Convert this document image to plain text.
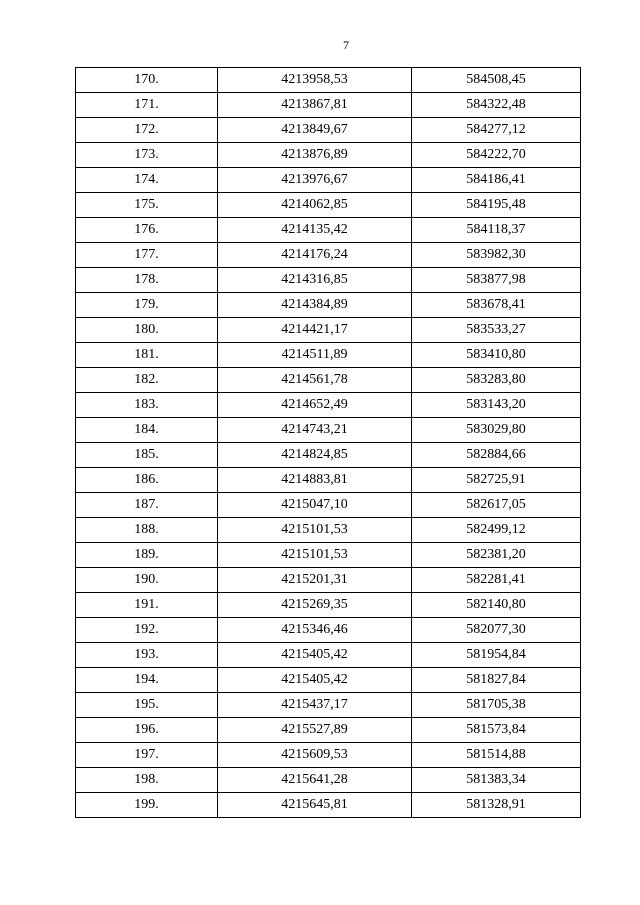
7
170.	4213958,53	584508,45
171.	4213867,81	584322,48
172.	4213849,67	584277,12
173.	4213876,89	584222,70
174.	4213976,67	584186,41
175.	4214062,85	584195,48
176.	4214135,42	584118,37
177.	4214176,24	583982,30
178.	4214316,85	583877,98
179.	4214384,89	583678,41
180.	4214421,17	583533,27
181.	4214511,89	583410,80
182.	4214561,78	583283,80
183.	4214652,49	583143,20
184.	4214743,21	583029,80
185.	4214824,85	582884,66
186.	4214883,81	582725,91
187.	4215047,10	582617,05
188.	4215101,53	582499,12
189.	4215101,53	582381,20
190.	4215201,31	582281,41
191.	4215269,35	582140,80
192.	4215346,46	582077,30
193.	4215405,42	581954,84
194.	4215405,42	581827,84
195.	4215437,17	581705,38
196.	4215527,89	581573,84
197.	4215609,53	581514,88
198.	4215641,28	581383,34
199.	4215645,81	581328,91
